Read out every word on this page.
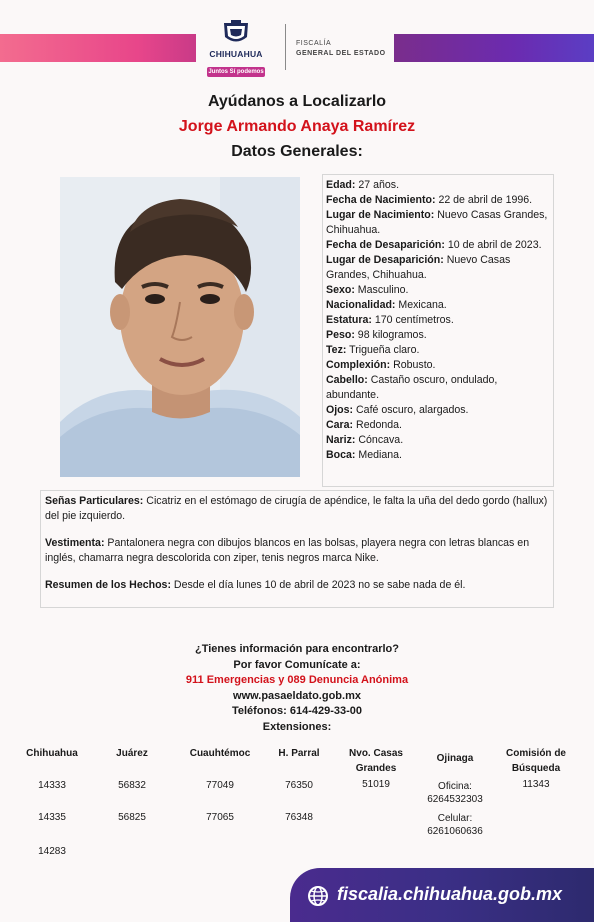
CHIHUAHUA
Juntos Sí podemos
FISCALÍA
GENERAL DEL ESTADO
Ayúdanos a Localizarlo
Jorge Armando Anaya Ramírez
Datos Generales:

Edad: 27 años.

Fecha de Nacimiento: 22 de abril de 1996.

Lugar de Nacimiento: Nuevo Casas Grandes, Chihuahua.

Fecha de Desaparición: 10 de abril de 2023.

Lugar de Desaparición: Nuevo Casas Grandes, Chihuahua.

Sexo: Masculino.

Nacionalidad: Mexicana.

Estatura: 170 centímetros.

Peso: 98 kilogramos.

Tez: Trigueña claro.

Complexión: Robusto.

Cabello: Castaño oscuro, ondulado, abundante.

Ojos: Café oscuro, alargados.

Cara: Redonda.

Nariz: Cóncava.

Boca: Mediana.

Señas Particulares: Cicatriz en el estómago de cirugía de apéndice, le falta la uña del dedo gordo (hallux) del pie izquierdo.

Vestimenta: Pantalonera negra con dibujos blancos en las bolsas, playera negra con letras blancas en inglés, chamarra negra descolorida con ziper, tenis negros marca Nike.

Resumen de los Hechos: Desde el día lunes 10 de abril de 2023 no se sabe nada de él.

¿Tienes información para encontrarlo?
Por favor Comunícate a:
911 Emergencias y 089 Denuncia Anónima
www.pasaeldato.gob.mx
Teléfonos: 614-429-33-00
Extensiones:
Chihuahua
14333
14335
14283
Juárez
56832
56825
Cuauhtémoc
77049
77065
H. Parral
76350
76348
Nvo. Casas Grandes
51019
Ojinaga
Oficina:
6264532303
Celular:
6261060636
Comisión de Búsqueda
11343
fiscalia.chihuahua.gob.mx
